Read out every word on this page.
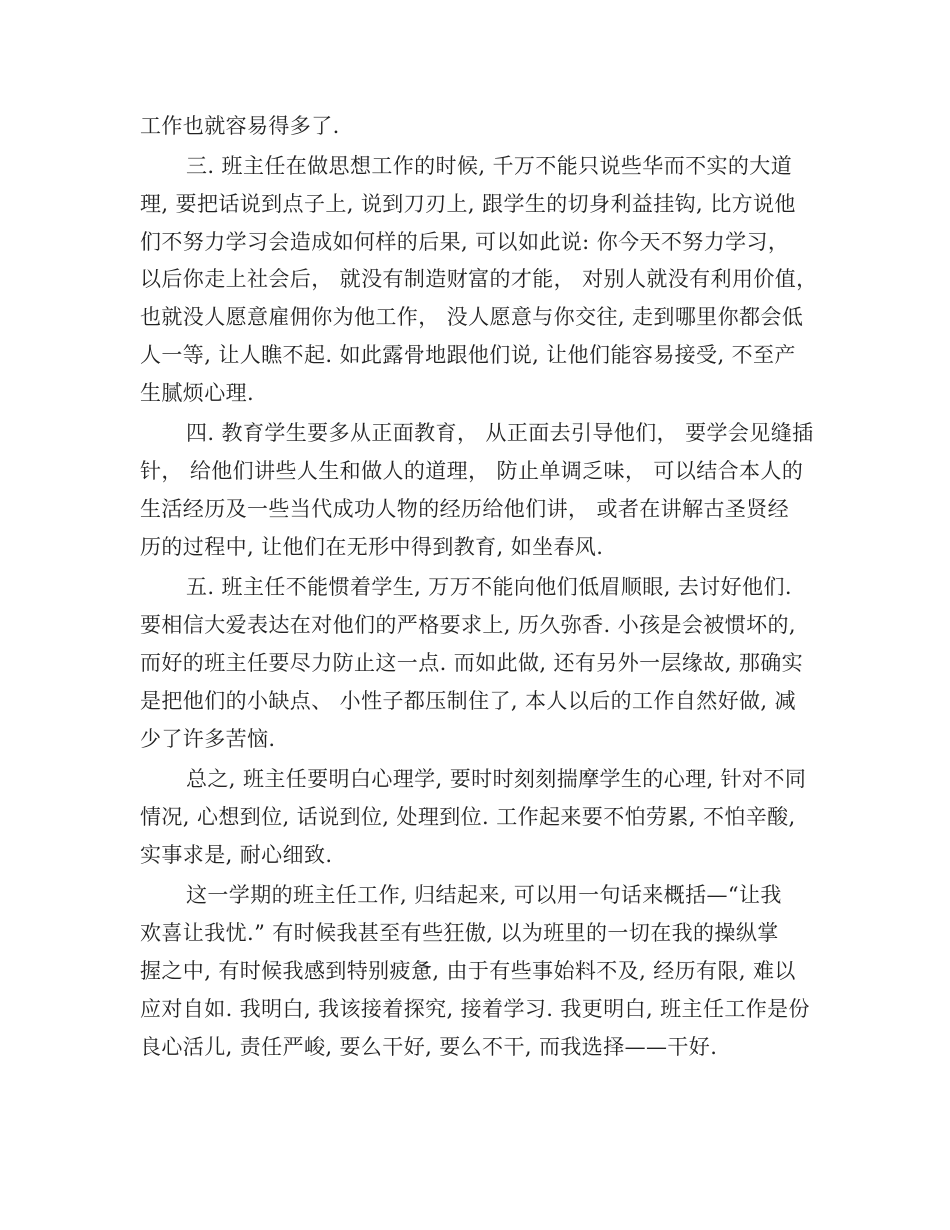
工作也就容易得多了.
三. 班主任在做思想工作的时候, 千万不能只说些华而不实的大道
理, 要把话说到点子上, 说到刀刃上, 跟学生的切身利益挂钩, 比方说他
们不努力学习会造成如何样的后果, 可以如此说: 你今天不努力学习，
以后你走上社会后， 就没有制造财富的才能， 对别人就没有利用价值，
也就没人愿意雇佣你为他工作， 没人愿意与你交往, 走到哪里你都会低
人一等, 让人瞧不起. 如此露骨地跟他们说, 让他们能容易接受, 不至产
生腻烦心理.
四. 教育学生要多从正面教育， 从正面去引导他们， 要学会见缝插
针， 给他们讲些人生和做人的道理， 防止单调乏味， 可以结合本人的
生活经历及一些当代成功人物的经历给他们讲， 或者在讲解古圣贤经
历的过程中, 让他们在无形中得到教育, 如坐春风.
五. 班主任不能惯着学生, 万万不能向他们低眉顺眼, 去讨好他们.
要相信大爱表达在对他们的严格要求上, 历久弥香. 小孩是会被惯坏的,
而好的班主任要尽力防止这一点. 而如此做, 还有另外一层缘故, 那确实
是把他们的小缺点、 小性子都压制住了, 本人以后的工作自然好做, 减
少了许多苦恼.
总之, 班主任要明白心理学, 要时时刻刻揣摩学生的心理, 针对不同
情况, 心想到位, 话说到位, 处理到位. 工作起来要不怕劳累, 不怕辛酸,
实事求是, 耐心细致.
这一学期的班主任工作, 归结起来, 可以用一句话来概括—“让我
欢喜让我忧.” 有时候我甚至有些狂傲, 以为班里的一切在我的操纵掌
握之中, 有时候我感到特别疲惫, 由于有些事始料不及, 经历有限, 难以
应对自如. 我明白, 我该接着探究, 接着学习. 我更明白, 班主任工作是份
良心活儿, 责任严峻, 要么干好, 要么不干, 而我选择——干好.
